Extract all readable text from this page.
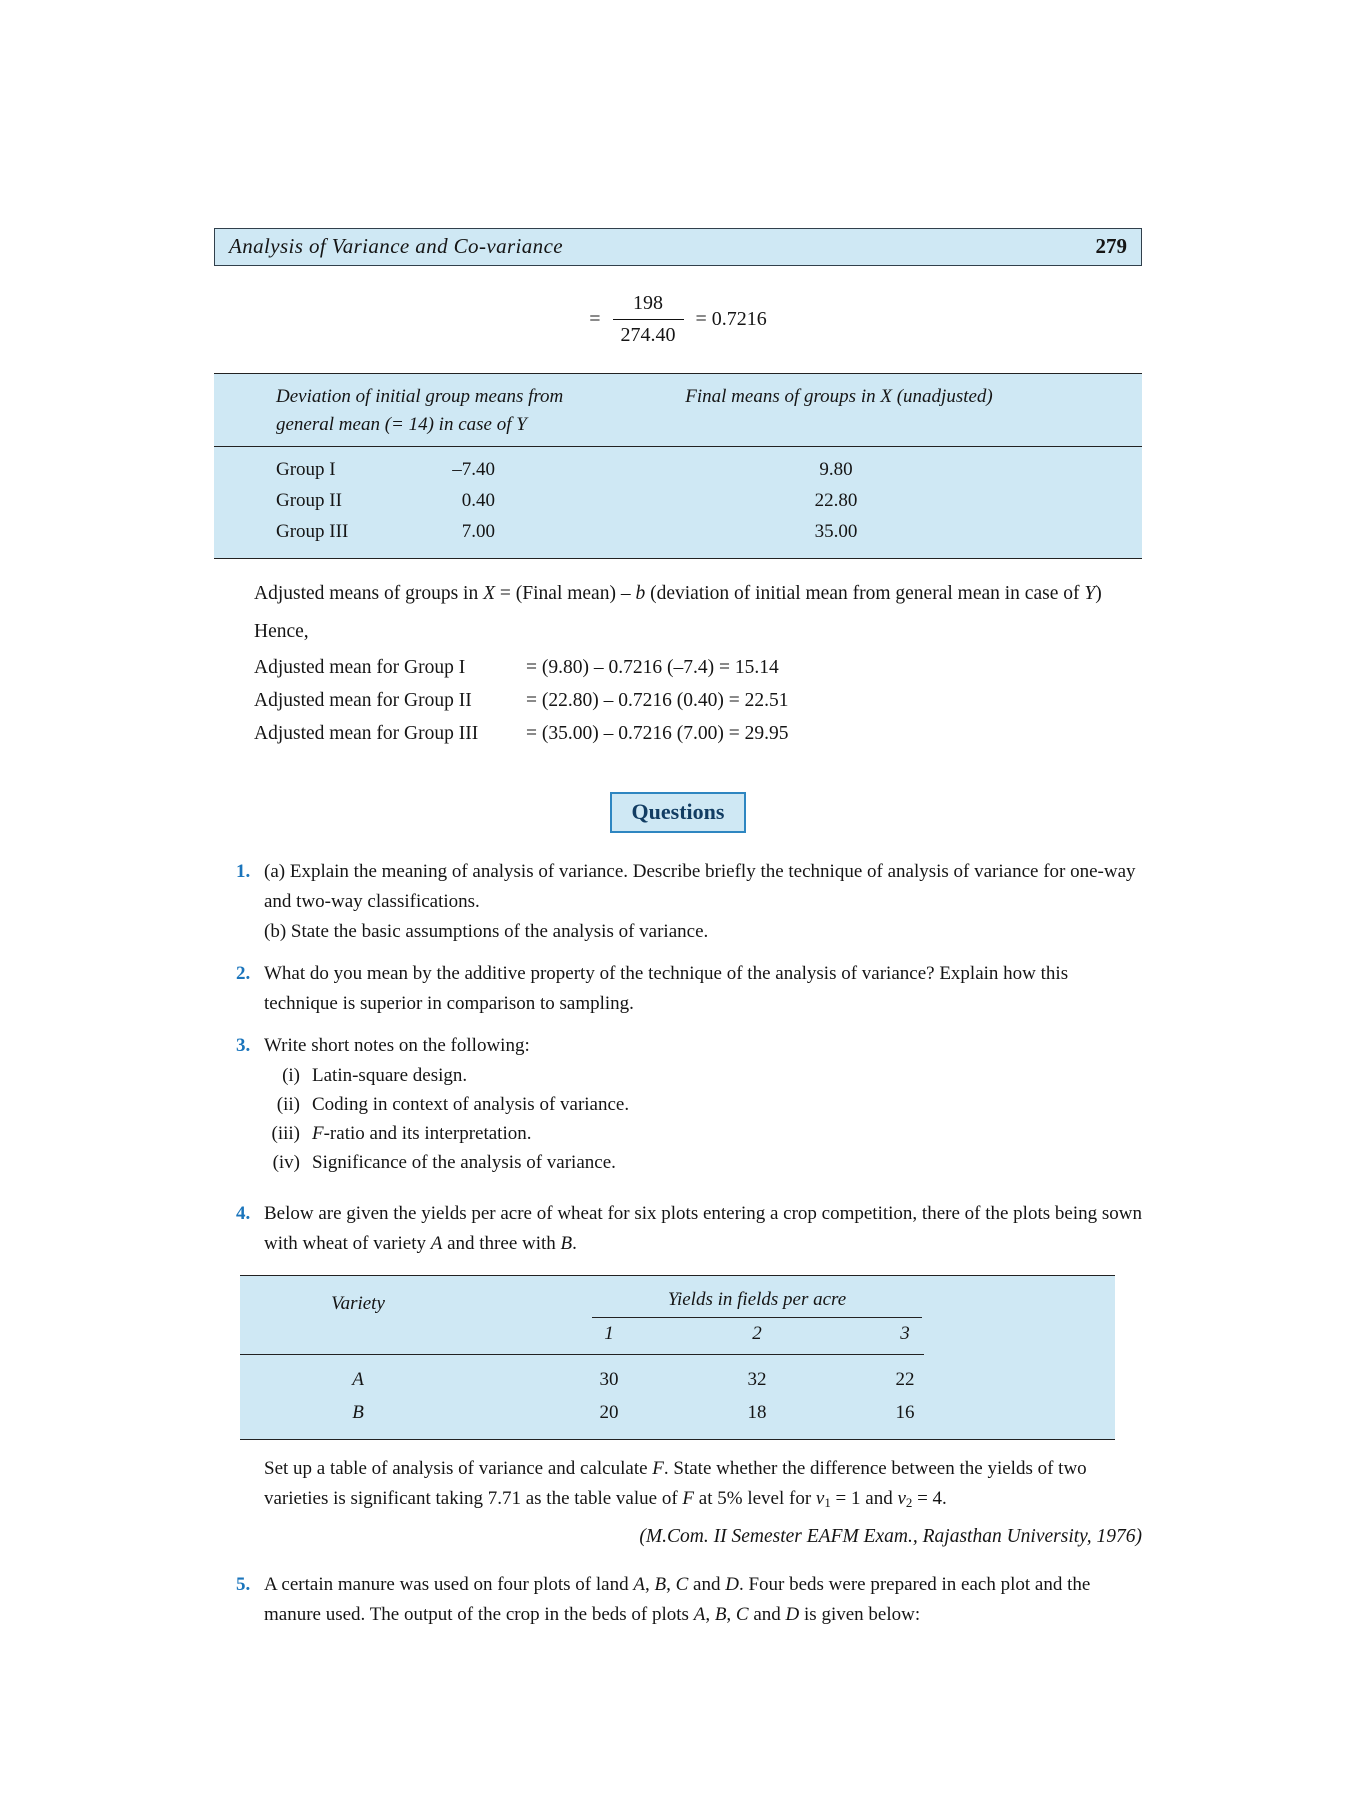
Analysis of Variance and Co-variance	279
= $\frac{198}{274.40} = 0.7216$
Deviation of initial group means from general mean (= 14) in case of Y
Final means of groups in X (unadjusted)
Group I	–7.40	9.80
Group II	0.40	22.80
Group III	7.00	35.00

Adjusted means of groups in X = (Final mean) – b (deviation of initial mean from general mean in case of Y)

Hence,

Adjusted mean for Group I	= (9.80) – 0.7216 (–7.4) = 15.14
Adjusted mean for Group II	= (22.80) – 0.7216 (0.40) = 22.51
Adjusted mean for Group III	= (35.00) – 0.7216 (7.00) = 29.95
Questions
1. (a) Explain the meaning of analysis of variance. Describe briefly the technique of analysis of variance for one-way and two-way classifications.

(b) State the basic assumptions of the analysis of variance.

2. What do you mean by the additive property of the technique of the analysis of variance? Explain how this technique is superior in comparison to sampling.

3. Write short notes on the following:

(i) Latin-square design.
(ii) Coding in context of analysis of variance.
(iii) F-ratio and its interpretation.
(iv) Significance of the analysis of variance.
4. Below are given the yields per acre of wheat for six plots entering a crop competition, there of the plots being sown with wheat of variety A and three with B.

Variety	Yields in fields per acre
1	2	3
A	30	32	22
B	20	18	16

Set up a table of analysis of variance and calculate F. State whether the difference between the yields of two varieties is significant taking 7.71 as the table value of F at 5% level for v1 = 1 and v2 = 4.

(M.Com. II Semester EAFM Exam., Rajasthan University, 1976)

5. A certain manure was used on four plots of land A, B, C and D. Four beds were prepared in each plot and the manure used. The output of the crop in the beds of plots A, B, C and D is given below:
